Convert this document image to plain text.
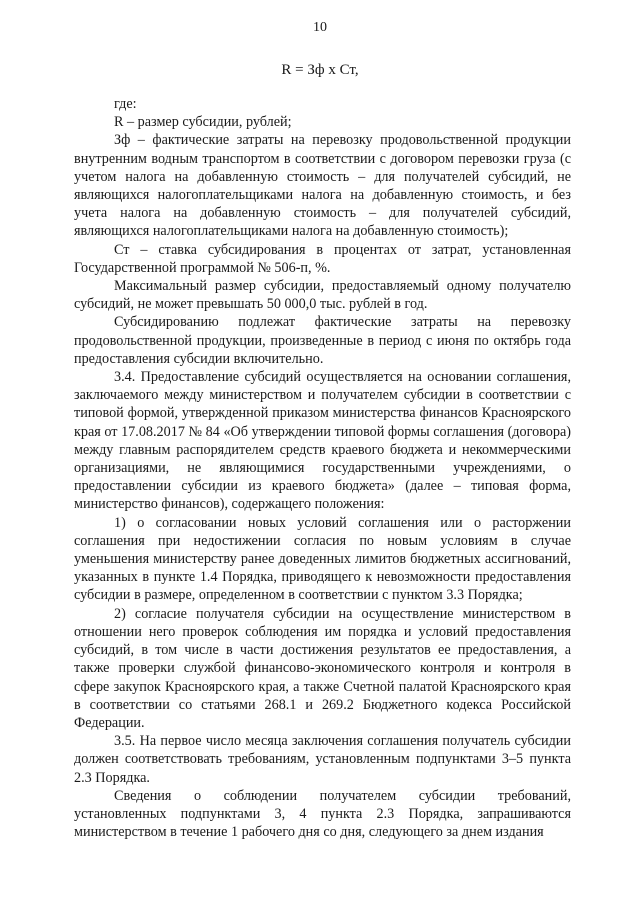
10
R = Зф х Ст,

где:

R – размер субсидии, рублей;

Зф – фактические затраты на перевозку продовольственной продукции внутренним водным транспортом в соответствии с договором перевозки груза (с учетом налога на добавленную стоимость – для получателей субсидий, не являющихся налогоплательщиками налога на добавленную стоимость, и без учета налога на добавленную стоимость – для получателей субсидий, являющихся налогоплательщиками налога на добавленную стоимость);

Ст – ставка субсидирования в процентах от затрат, установленная Государственной программой № 506-п, %.

Максимальный размер субсидии, предоставляемый одному получателю субсидий, не может превышать 50 000,0 тыс. рублей в год.

Субсидированию подлежат фактические затраты на перевозку продовольственной продукции, произведенные в период с июня по октябрь года предоставления субсидии включительно.

3.4. Предоставление субсидий осуществляется на основании соглашения, заключаемого между министерством и получателем субсидии в соответствии с типовой формой, утвержденной приказом министерства финансов Красноярского края от 17.08.2017 № 84 «Об утверждении типовой формы соглашения (договора) между главным распорядителем средств краевого бюджета и некоммерческими организациями, не являющимися государственными учреждениями, о предоставлении субсидии из краевого бюджета» (далее – типовая форма, министерство финансов), содержащего положения:

1) о согласовании новых условий соглашения или о расторжении соглашения при недостижении согласия по новым условиям в случае уменьшения министерству ранее доведенных лимитов бюджетных ассигнований, указанных в пункте 1.4 Порядка, приводящего к невозможности предоставления субсидии в размере, определенном в соответствии с пунктом 3.3 Порядка;

2) согласие получателя субсидии на осуществление министерством в отношении него проверок соблюдения им порядка и условий предоставления субсидий, в том числе в части достижения результатов ее предоставления, а также проверки службой финансово-экономического контроля и контроля в сфере закупок Красноярского края, а также Счетной палатой Красноярского края в соответствии со статьями 268.1 и 269.2 Бюджетного кодекса Российской Федерации.

3.5. На первое число месяца заключения соглашения получатель субсидии должен соответствовать требованиям, установленным подпунктами 3–5 пункта 2.3 Порядка.

Сведения о соблюдении получателем субсидии требований, установленных подпунктами 3, 4 пункта 2.3 Порядка, запрашиваются министерством в течение 1 рабочего дня со дня, следующего за днем издания
